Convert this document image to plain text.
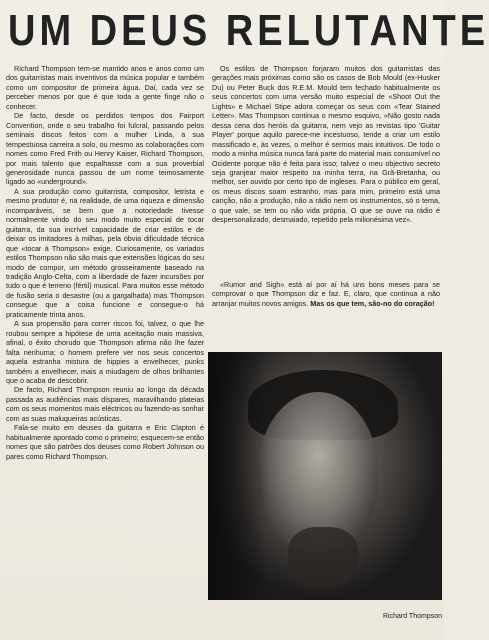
UM DEUS RELUTANTE

Richard Thompson tem-se mantido anos e anos como um dos guitarristas mais inventivos da música popular e também como um compositor de primeira água. Daí, cada vez se perceber menos por que é que toda a gente finge não o conhecer.

De facto, desde os perdidos tempos dos Fairport Convention, onde o seu trabalho foi fulcral, passando pelos seminais discos feitos com a mulher Linda, a sua tempestuosa carreira a solo, ou mesmo as colaborações com nomes como Fred Frith ou Henry Kaiser, Richard Thompson, por mais talento que espalhasse com a sua proverbial generosidade nunca passou de um nome teimosamente ligado ao «underground».

A sua produção como guitarrista, compositor, letrista e mesmo produtor é, na realidade, de uma riqueza e dimensão incomparáveis, se bem que a notoriedade tivesse normalmente vindo do seu modo muito especial de tocar guitarra, da sua incrível capacidade de criar estilos e de deixar os imitadores à milhas, pela óbvia dificuldade técnica que «tocar à Thompson» exige. Curiosamente, os variados estilos Thompson não são mais que extensões lógicas do seu modo de compor, um método grosseiramente baseado na tradição Anglo-Celta, com a liberdade de fazer incursões por tudo o que é terreno (fértil) musical. Para muitos esse método de fusão seria o desastre (ou a gargalhada) mas Thompson consegue que a coisa funcione e consegue-o há praticamente trinta anos.

A sua propensão para correr riscos foi, talvez, o que lhe roubou sempre a hipótese de uma aceitação mais massiva, afinal, o êxito chorudo que Thompson afirma não lhe fazer falta nenhuma; o homem prefere ver nos seus concertos aquela estranha mistura de hippies a envelhecer, punks também a envelhecer, mais a miudagem de olhos brilhantes que o acaba de descobrir.

De facto, Richard Thompson reuniu ao longo da década passada as audiências mais díspares, maravilhando plateias com os seus momentos mais eléctricos ou fazendo-as sonhar com as suas maluqueiras acústicas.

Fala-se muito em deuses da guitarra e Eric Clapton é habitualmente apontado como o primeiro; esquecem-se então nomes que são patrões dos deuses como Robert Johnson ou pares como Richard Thompson.

Os estilos de Thompson forjaram muitos dos guitarristas das gerações mais próximas como são os casos de Bob Mould (ex-Husker Du) ou Peter Buck dos R.E.M. Mould tem fechado habitualmente os seus concertos com uma versão muito especial de «Shoot Out the Lights» e Michael Stipe adora começar os seus com «Tear Stained Letter». Mas Thompson continua o mesmo esquivo, «Não gosto nada dessa cena dos heróis da guitarra, nem vejo as revistas tipo 'Guitar Player' porque aquilo parece-me incestuoso, tende a criar um estilo massificado e, às vezes, o melhor é sermos mais intuitivos. De todo o modo a minha música nunca fará parte do material mais consumível no Ocidente porque não é feita para isso; talvez o meu objectivo secreto seja granjear maior respeito na minha terra, na Grã-Bretanha, ou melhor, ser ouvido por certo tipo de ingleses. Para o público em geral, os meus discos soam estranho, mas para mim, primeiro está uma canção, não a produção, não a rádio nem os instrumentos, só o tema, o que vale, se tem ou não vida própria. O que se ouve na rádio é despersonalizado, desmaiado, repetido pela milionésima vez».

«Rumor and Sigh» está aí por aí há uns bons meses para se comprovar o que Thompson diz e faz. E, claro, que continua a não arranjar muitos novos amigos. Mas os que tem, são-no do coração!

Richard Thompson
